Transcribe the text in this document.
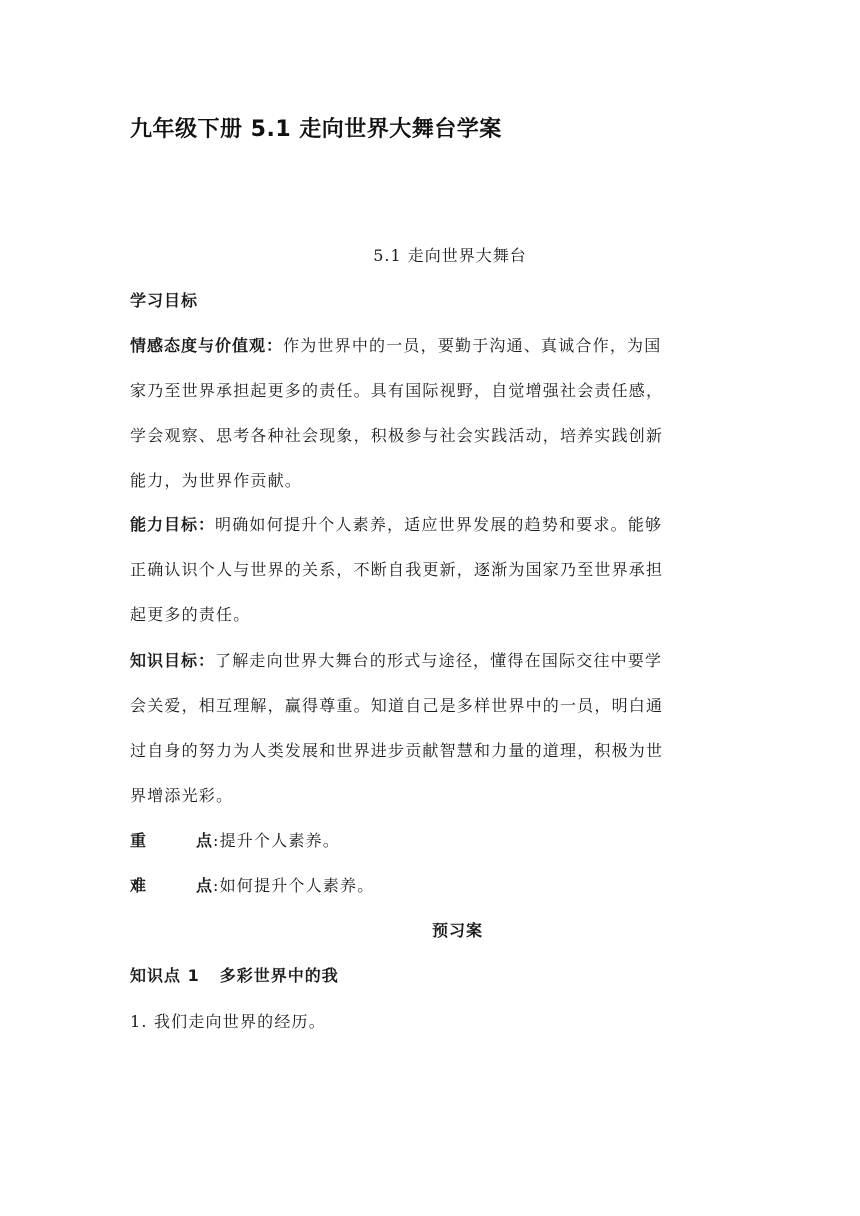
九年级下册 5.1 走向世界大舞台学案
5.1 走向世界大舞台
学习目标
情感态度与价值观：作为世界中的一员，要勤于沟通、真诚合作，为国
家乃至世界承担起更多的责任。具有国际视野，自觉增强社会责任感，
学会观察、思考各种社会现象，积极参与社会实践活动，培养实践创新
能力，为世界作贡献。
能力目标：明确如何提升个人素养，适应世界发展的趋势和要求。能够
正确认识个人与世界的关系，不断自我更新，逐渐为国家乃至世界承担
起更多的责任。
知识目标：了解走向世界大舞台的形式与途径，懂得在国际交往中要学
会关爱，相互理解，赢得尊重。知道自己是多样世界中的一员，明白通
过自身的努力为人类发展和世界进步贡献智慧和力量的道理，积极为世
界增添光彩。
重	点:提升个人素养。
难	点:如何提升个人素养。
预习案
知识点 1 多彩世界中的我
1. 我们走向世界的经历。
